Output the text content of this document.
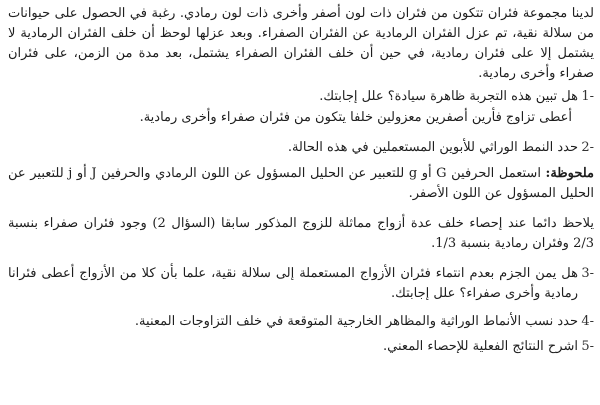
لدينا مجموعة فئران تتكون من فئران ذات لون أصفر وأخرى ذات لون رمادي. رغبة في الحصول على حيوانات من سلالة نقية، تم عزل الفئران الرمادية عن الفئران الصفراء. وبعد عزلها لوحظ أن خلف الفئران الرمادية لا يشتمل إلا على فئران رمادية، في حين أن خلف الفئران الصفراء يشتمل، بعد مدة من الزمن، على فئران صفراء وأخرى رمادية.

-1
هل تبين هذه التجربة ظاهرة سيادة؟ علل إجابتك.

أعطى تزاوج فأرين أصفرين معزولين خلفا يتكون من فئران صفراء وأخرى رمادية.

-2
حدد النمط الوراثي للأبوين المستعملين في هذه الحالة.

ملحوظة: استعمل الحرفين G أو g للتعبير عن الحليل المسؤول عن اللون الرمادي والحرفين J أو j للتعبير عن الحليل المسؤول عن اللون الأصفر.

يلاحظ دائما عند إحصاء خلف عدة أزواج مماثلة للزوج المذكور سابقا (السؤال 2) وجود فئران صفراء بنسبة 2/3 وفئران رمادية بنسبة 1/3.

-3
هل يمن الجزم بعدم انتماء فئران الأزواج المستعملة إلى سلالة نقية، علما بأن كلا من الأزواج أعطى فئرانا رمادية وأخرى صفراء؟ علل إجابتك.
-4
حدد نسب الأنماط الوراثية والمظاهر الخارجية المتوقعة في خلف التزاوجات المعنية.
-5
اشرح النتائج الفعلية للإحصاء المعني.
